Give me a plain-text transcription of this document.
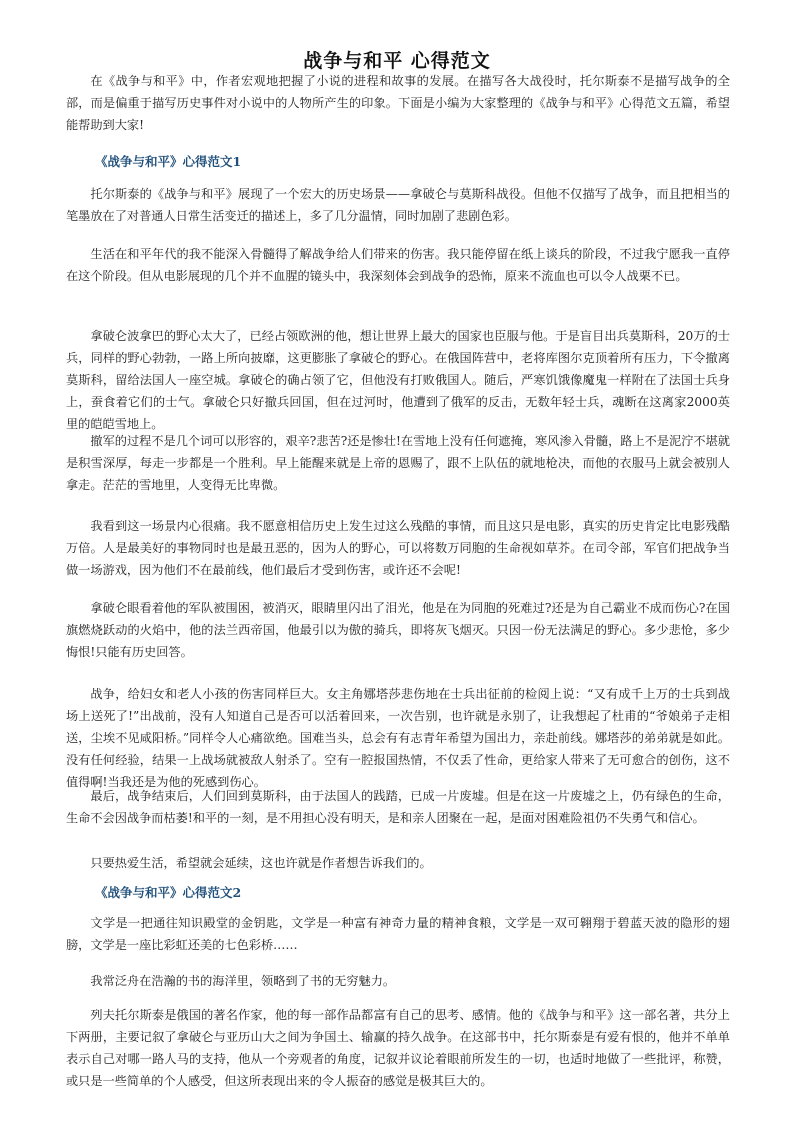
战争与和平 心得范文

在《战争与和平》中，作者宏观地把握了小说的进程和故事的发展。在描写各大战役时，托尔斯泰不是描写战争的全部，而是偏重于描写历史事件对小说中的人物所产生的印象。下面是小编为大家整理的《战争与和平》心得范文五篇，希望能帮助到大家!

《战争与和平》心得范文1

托尔斯泰的《战争与和平》展现了一个宏大的历史场景——拿破仑与莫斯科战役。但他不仅描写了战争，而且把相当的笔墨放在了对普通人日常生活变迁的描述上，多了几分温情，同时加剧了悲剧色彩。

生活在和平年代的我不能深入骨髓得了解战争给人们带来的伤害。我只能停留在纸上谈兵的阶段，不过我宁愿我一直停在这个阶段。但从电影展现的几个并不血腥的镜头中，我深刻体会到战争的恐怖，原来不流血也可以令人战栗不已。

拿破仑波拿巴的野心太大了，已经占领欧洲的他，想让世界上最大的国家也臣服与他。于是盲目出兵莫斯科，20万的士兵，同样的野心勃勃，一路上所向披靡，这更膨胀了拿破仑的野心。在俄国阵营中，老将库图尔克顶着所有压力，下令撤离莫斯科，留给法国人一座空城。拿破仑的确占领了它，但他没有打败俄国人。随后，严寒饥饿像魔鬼一样附在了法国士兵身上，蚕食着它们的士气。拿破仑只好撤兵回国，但在过河时，他遭到了俄军的反击，无数年轻士兵，魂断在这离家2000英里的皑皑雪地上。

撤军的过程不是几个词可以形容的，艰辛?悲苦?还是惨壮!在雪地上没有任何遮掩，寒风渗入骨髓，路上不是泥泞不堪就是积雪深厚，每走一步都是一个胜利。早上能醒来就是上帝的恩赐了，跟不上队伍的就地枪决，而他的衣服马上就会被别人拿走。茫茫的雪地里，人变得无比卑微。

我看到这一场景内心很痛。我不愿意相信历史上发生过这么残酷的事情，而且这只是电影，真实的历史肯定比电影残酷万倍。人是最美好的事物同时也是最丑恶的，因为人的野心，可以将数万同胞的生命视如草芥。在司令部，军官们把战争当做一场游戏，因为他们不在最前线，他们最后才受到伤害，或许还不会呢!

拿破仑眼看着他的军队被围困，被消灭，眼睛里闪出了泪光，他是在为同胞的死难过?还是为自己霸业不成而伤心?在国旗燃烧跃动的火焰中，他的法兰西帝国，他最引以为傲的骑兵，即将灰飞烟灭。只因一份无法满足的野心。多少悲怆，多少悔恨!只能有历史回答。

战争，给妇女和老人小孩的伤害同样巨大。女主角娜塔莎悲伤地在士兵出征前的检阅上说：“又有成千上万的士兵到战场上送死了!”出战前，没有人知道自己是否可以活着回来，一次告别，也许就是永别了，让我想起了杜甫的“爷娘弟子走相送，尘埃不见咸阳桥。”同样令人心痛欲绝。国难当头，总会有有志青年希望为国出力，亲赴前线。娜塔莎的弟弟就是如此。没有任何经验，结果一上战场就被敌人射杀了。空有一腔报国热情，不仅丢了性命，更给家人带来了无可愈合的创伤，这不值得啊!当我还是为他的死感到伤心。

最后，战争结束后，人们回到莫斯科，由于法国人的践踏，已成一片废墟。但是在这一片废墟之上，仍有绿色的生命，生命不会因战争而枯萎!和平的一刻，是不用担心没有明天，是和亲人团聚在一起，是面对困难险祖仍不失勇气和信心。

只要热爱生活，希望就会延续，这也许就是作者想告诉我们的。

《战争与和平》心得范文2

文学是一把通往知识殿堂的金钥匙，文学是一种富有神奇力量的精神食粮，文学是一双可翱翔于碧蓝天波的隐形的翅膀，文学是一座比彩虹还美的七色彩桥……

我常泛舟在浩瀚的书的海洋里，领略到了书的无穷魅力。

列夫托尔斯泰是俄国的著名作家，他的每一部作品都富有自己的思考、感情。他的《战争与和平》这一部名著，共分上下两册，主要记叙了拿破仑与亚历山大之间为争国土、输赢的持久战争。在这部书中，托尔斯泰是有爱有恨的，他并不单单表示自己对哪一路人马的支持，他从一个旁观者的角度，记叙并议论着眼前所发生的一切，也适时地做了一些批评，称赞，或只是一些简单的个人感受，但这所表现出来的令人振奋的感觉是极其巨大的。
